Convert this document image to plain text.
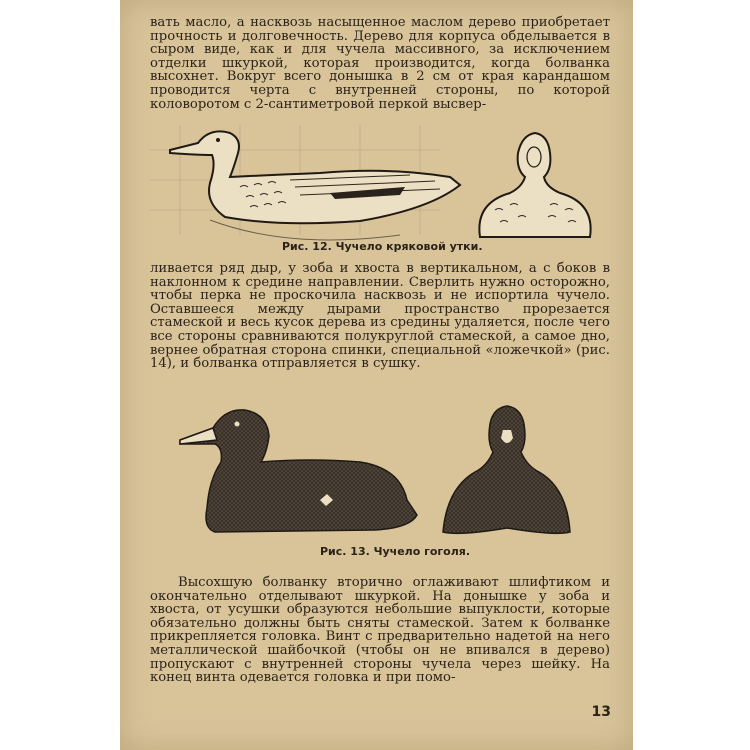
вать масло, а насквозь насыщенное маслом дерево приобретает прочность и долговечность. Дерево для корпуса обделывается в сыром виде, как и для чучела массивного, за исключением отделки шкуркой, которая производится, когда болванка высохнет. Вокруг всего донышка в 2 см от края карандашом проводится черта с внутренней стороны, по которой коловоротом с 2-сантиметровой перкой высвер-

Рис. 12. Чучело кряковой утки.

ливается ряд дыр, у зоба и хвоста в вертикальном, а с боков в наклонном к средине направлении. Сверлить нужно осторожно, чтобы перка не проскочила насквозь и не испортила чучело. Оставшееся между дырами пространство прорезается стамеской и весь кусок дерева из средины удаляется, после чего все стороны сравниваются полукруглой стамеской, а самое дно, вернее обратная сторона спинки, специальной «ложечкой» (рис. 14), и болванка отправляется в сушку.

Рис. 13. Чучело гоголя.

Высохшую болванку вторично оглаживают шлифтиком и окончательно отделывают шкуркой. На донышке у зоба и хвоста, от усушки образуются небольшие выпуклости, которые обязательно должны быть сняты стамеской. Затем к болванке прикрепляется головка. Винт с предварительно надетой на него металлической шайбочкой (чтобы он не впивался в дерево) пропускают с внутренней стороны чучела через шейку. На конец винта одевается головка и при помо-

13
